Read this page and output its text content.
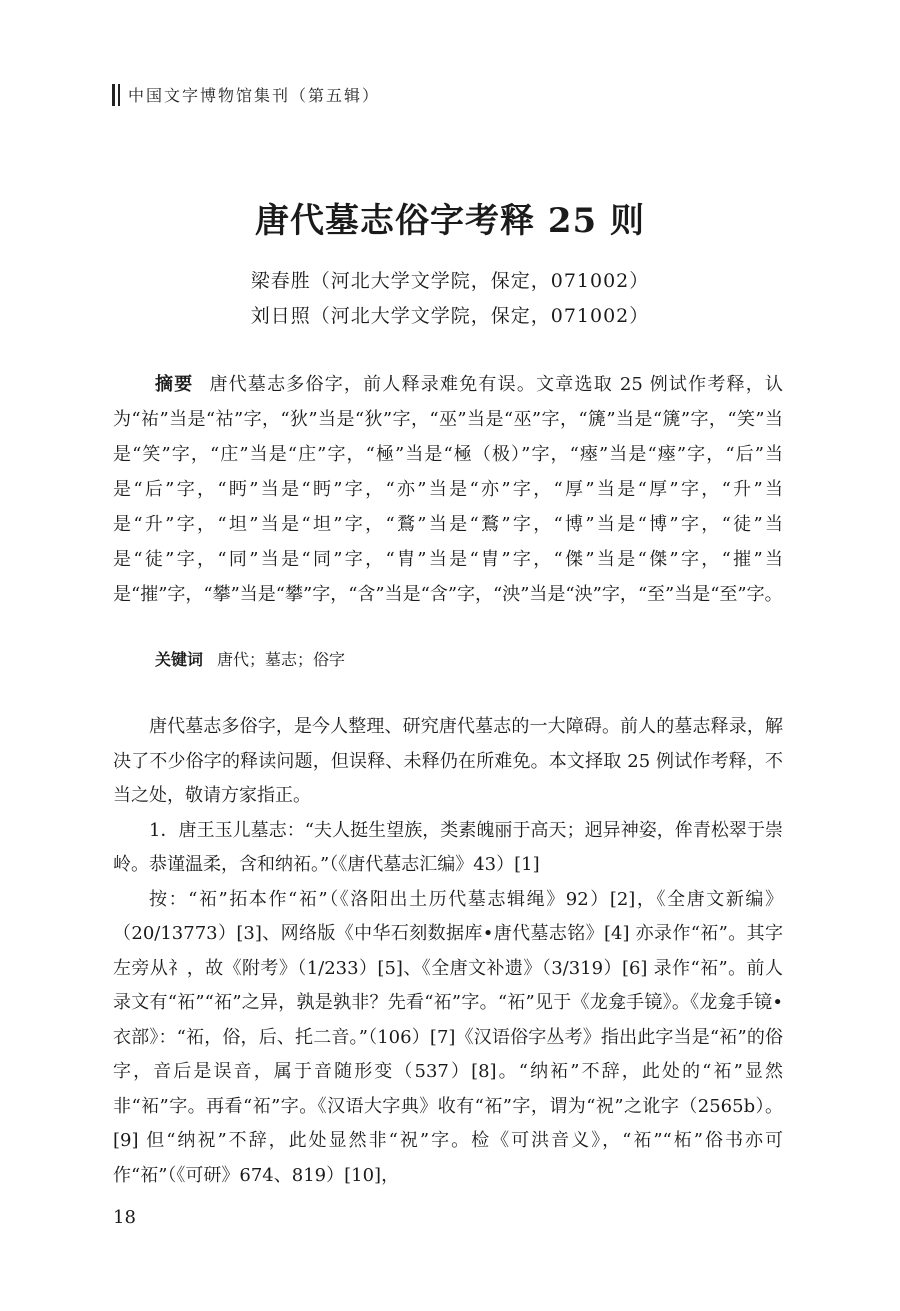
中国文字博物馆集刊（第五辑）
唐代墓志俗字考释 25 则
梁春胜（河北大学文学院，保定，071002）
刘日照（河北大学文学院，保定，071002）
摘要 唐代墓志多俗字，前人释录难免有误。文章选取 25 例试作考释，认为“祐”当是“祜”字，“狄”当是“狄”字，“巫”当是“巫”字，“篪”当是“篪”字，“笑”当是“笑”字，“庄”当是“庄”字，“極”当是“極（极）”字，“瘞”当是“瘞”字，“后”当是“后”字，“眄”当是“眄”字，“亦”当是“亦”字，“厚”当是“厚”字，“升”当是“升”字，“坦”当是“坦”字，“鶩”当是“鶩”字，“博”当是“博”字，“徒”当是“徒”字，“同”当是“同”字，“胄”当是“胄”字，“傑”当是“傑”字，“摧”当是“摧”字，“攀”当是“攀”字，“含”当是“含”字，“泱”当是“泱”字，“至”当是“至”字。
关键词 唐代；墓志；俗字

唐代墓志多俗字，是今人整理、研究唐代墓志的一大障碍。前人的墓志释录，解决了不少俗字的释读问题，但误释、未释仍在所难免。本文择取 25 例试作考释，不当之处，敬请方家指正。

1．唐王玉儿墓志：“夫人挺生望族，类素魄丽于高天；迥异神姿，侔青松翠于崇岭。恭谨温柔，含和纳祏。”（《唐代墓志汇编》43）[1]

按：“祏”拓本作“祏”（《洛阳出土历代墓志辑绳》92）[2]，《全唐文新编》（20/13773）[3]、网络版《中华石刻数据库•唐代墓志铭》[4] 亦录作“祏”。其字左旁从礻，故《附考》（1/233）[5]、《全唐文补遗》（3/319）[6] 录作“祏”。前人录文有“祏”“祏”之异，孰是孰非？先看“祏”字。“祏”见于《龙龛手镜》。《龙龛手镜•衣部》：“祏，俗，后、托二音。”（106）[7]《汉语俗字丛考》指出此字当是“袥”的俗字，音后是误音，属于音随形变（537）[8]。“纳袥”不辞，此处的“祏”显然非“袥”字。再看“祏”字。《汉语大字典》收有“祏”字，谓为“祝”之讹字（2565b）。[9] 但“纳祝”不辞，此处显然非“祝”字。检《可洪音义》，“祏”“柘”俗书亦可作“祏”（《可研》674、819）[10]，

18
